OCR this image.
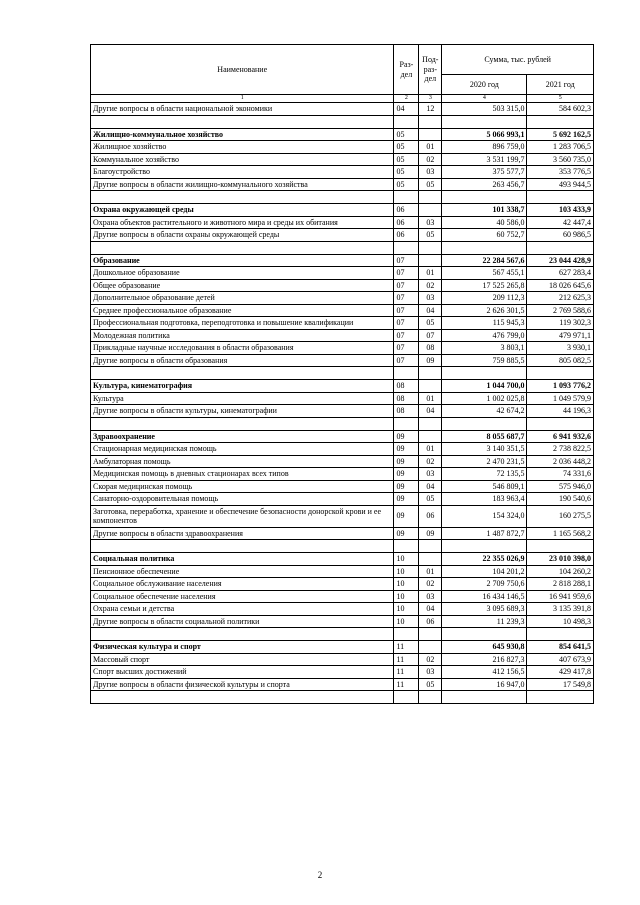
Наименование	Раз-дел	Под-раз-дел	Сумма, тыс. рублей	
			2020 год	2021 год
1	2	3	4	5
Другие вопросы в области национальной экономики	04	12	503 315,0	584 602,3

Жилищно-коммунальное хозяйство	05		5 066 993,1	5 692 162,5
Жилищное хозяйство	05	01	896 759,0	1 283 706,5
Коммунальное хозяйство	05	02	3 531 199,7	3 560 735,0
Благоустройство	05	03	375 577,7	353 776,5
Другие вопросы в области жилищно-коммунального хозяйства	05	05	263 456,7	493 944,5

Охрана окружающей среды	06		101 338,7	103 433,9
Охрана объектов растительного и животного мира и среды их обитания	06	03	40 586,0	42 447,4
Другие вопросы в области охраны окружающей среды	06	05	60 752,7	60 986,5

Образование	07		22 284 567,6	23 044 428,9
Дошкольное образование	07	01	567 455,1	627 283,4
Общее образование	07	02	17 525 265,8	18 026 645,6
Дополнительное образование детей	07	03	209 112,3	212 625,3
Среднее профессиональное образование	07	04	2 626 301,5	2 769 588,6
Профессиональная подготовка, переподготовка и повышение квалификации	07	05	115 945,3	119 302,3
Молодежная политика	07	07	476 799,0	479 971,1
Прикладные научные исследования в области образования	07	08	3 803,1	3 930,1
Другие вопросы в области образования	07	09	759 885,5	805 082,5

Культура, кинематография	08		1 044 700,0	1 093 776,2
Культура	08	01	1 002 025,8	1 049 579,9
Другие вопросы в области культуры, кинематографии	08	04	42 674,2	44 196,3

Здравоохранение	09		8 055 687,7	6 941 932,6
Стационарная медицинская помощь	09	01	3 140 351,5	2 738 822,5
Амбулаторная помощь	09	02	2 470 231,5	2 036 448,2
Медицинская помощь в дневных стационарах всех типов	09	03	72 135,5	74 331,6
Скорая медицинская помощь	09	04	546 809,1	575 946,0
Санаторно-оздоровительная помощь	09	05	183 963,4	190 540,6
Заготовка, переработка, хранение и обеспечение безопасности донорской крови и ее компонентов	09	06	154 324,0	160 275,5
Другие вопросы в области здравоохранения	09	09	1 487 872,7	1 165 568,2

Социальная политика	10		22 355 026,9	23 010 398,0
Пенсионное обеспечение	10	01	104 201,2	104 260,2
Социальное обслуживание населения	10	02	2 709 750,6	2 818 288,1
Социальное обеспечение населения	10	03	16 434 146,5	16 941 959,6
Охрана семьи и детства	10	04	3 095 689,3	3 135 391,8
Другие вопросы в области социальной политики	10	06	11 239,3	10 498,3

Физическая культура и спорт	11		645 930,8	854 641,5
Массовый спорт	11	02	216 827,3	407 673,9
Спорт высших достижений	11	03	412 156,5	429 417,8
Другие вопросы в области физической культуры и спорта	11	05	16 947,0	17 549,8

2
